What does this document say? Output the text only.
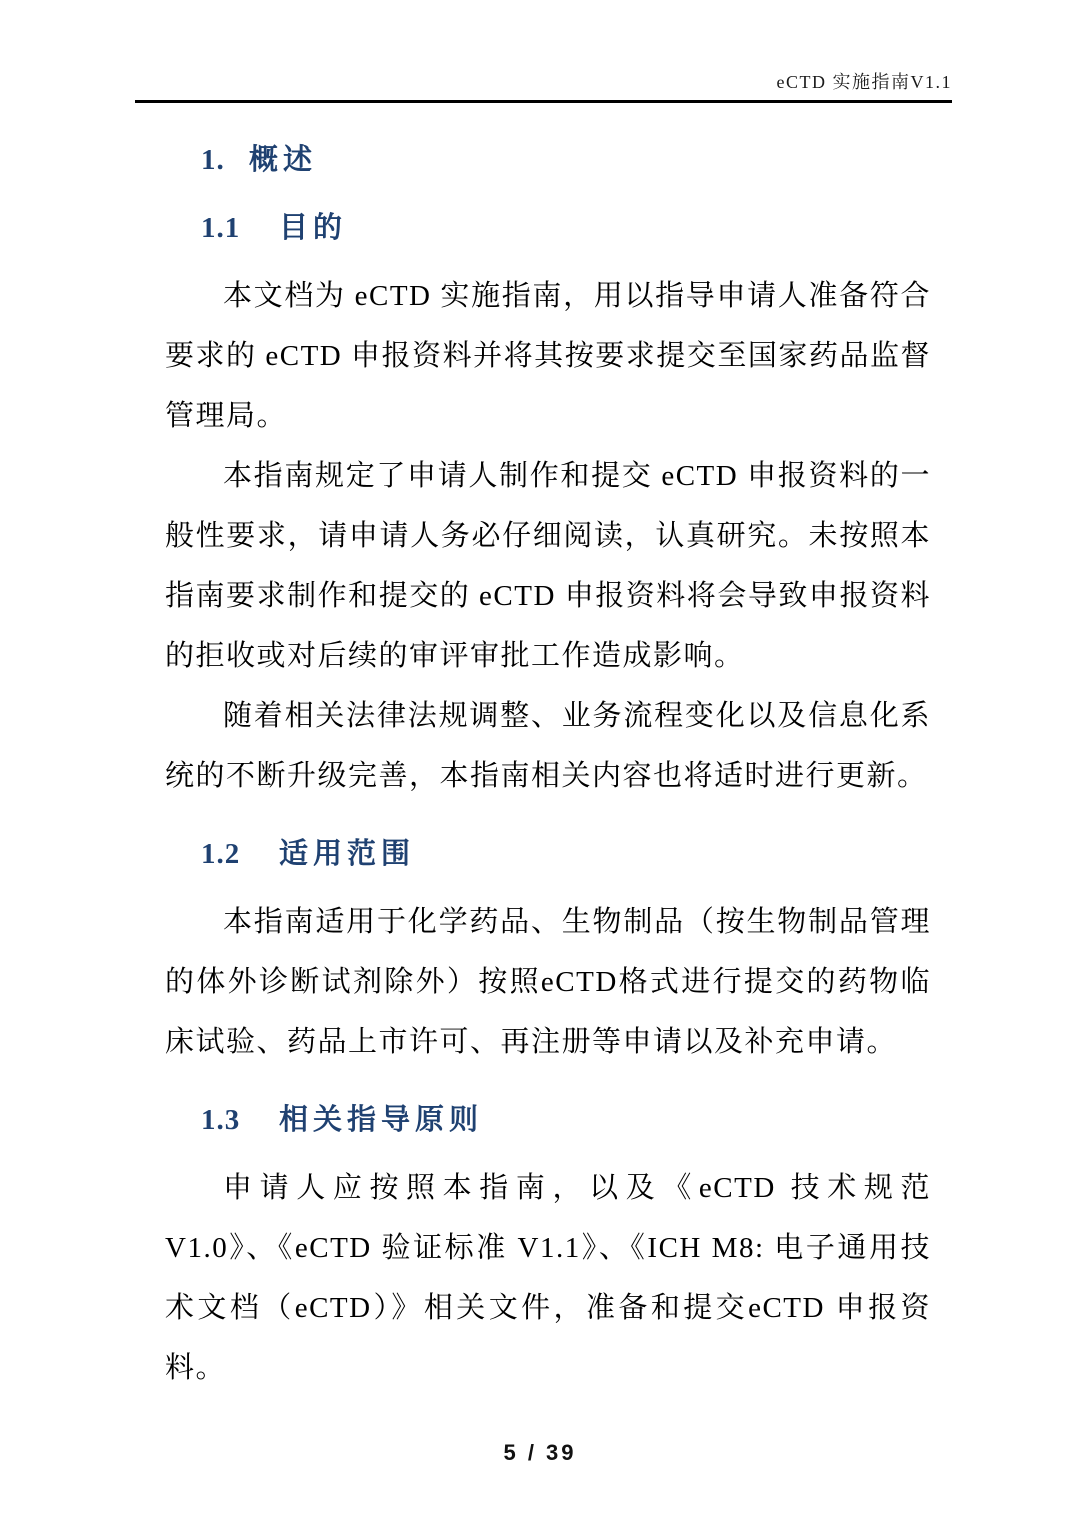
eCTD 实施指南V1.1
1. 概述
1.1 目的

本文档为 eCTD 实施指南，用以指导申请人准备符合要求的 eCTD 申报资料并将其按要求提交至国家药品监督管理局。

本指南规定了申请人制作和提交 eCTD 申报资料的一般性要求，请申请人务必仔细阅读，认真研究。未按照本指南要求制作和提交的 eCTD 申报资料将会导致申报资料的拒收或对后续的审评审批工作造成影响。

随着相关法律法规调整、业务流程变化以及信息化系统的不断升级完善，本指南相关内容也将适时进行更新。

1.2 适用范围

本指南适用于化学药品、生物制品（按生物制品管理的体外诊断试剂除外）按照eCTD格式进行提交的药物临床试验、药品上市许可、再注册等申请以及补充申请。

1.3 相关指导原则

申请人应按照本指南，以及《eCTD 技术规范 V1.0》、《eCTD 验证标准 V1.1》、《ICH M8: 电子通用技术文档（eCTD）》相关文件，准备和提交eCTD 申报资料。

5 / 39
